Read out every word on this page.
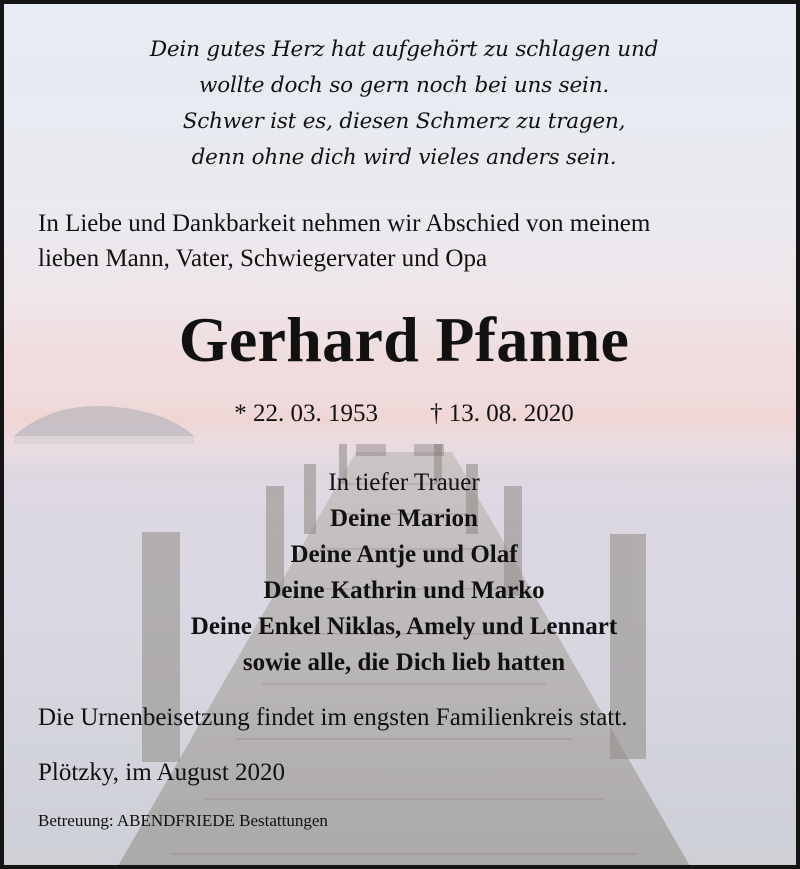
Dein gutes Herz hat aufgehört zu schlagen und
wollte doch so gern noch bei uns sein.
Schwer ist es, diesen Schmerz zu tragen,
denn ohne dich wird vieles anders sein.
In Liebe und Dankbarkeit nehmen wir Abschied von meinem
lieben Mann, Vater, Schwiegervater und Opa
Gerhard Pfanne
* 22. 03. 1953 † 13. 08. 2020
In tiefer Trauer
Deine Marion
Deine Antje und Olaf
Deine Kathrin und Marko
Deine Enkel Niklas, Amely und Lennart
sowie alle, die Dich lieb hatten
Die Urnenbeisetzung findet im engsten Familienkreis statt.
Plötzky, im August 2020
Betreuung: ABENDFRIEDE Bestattungen
